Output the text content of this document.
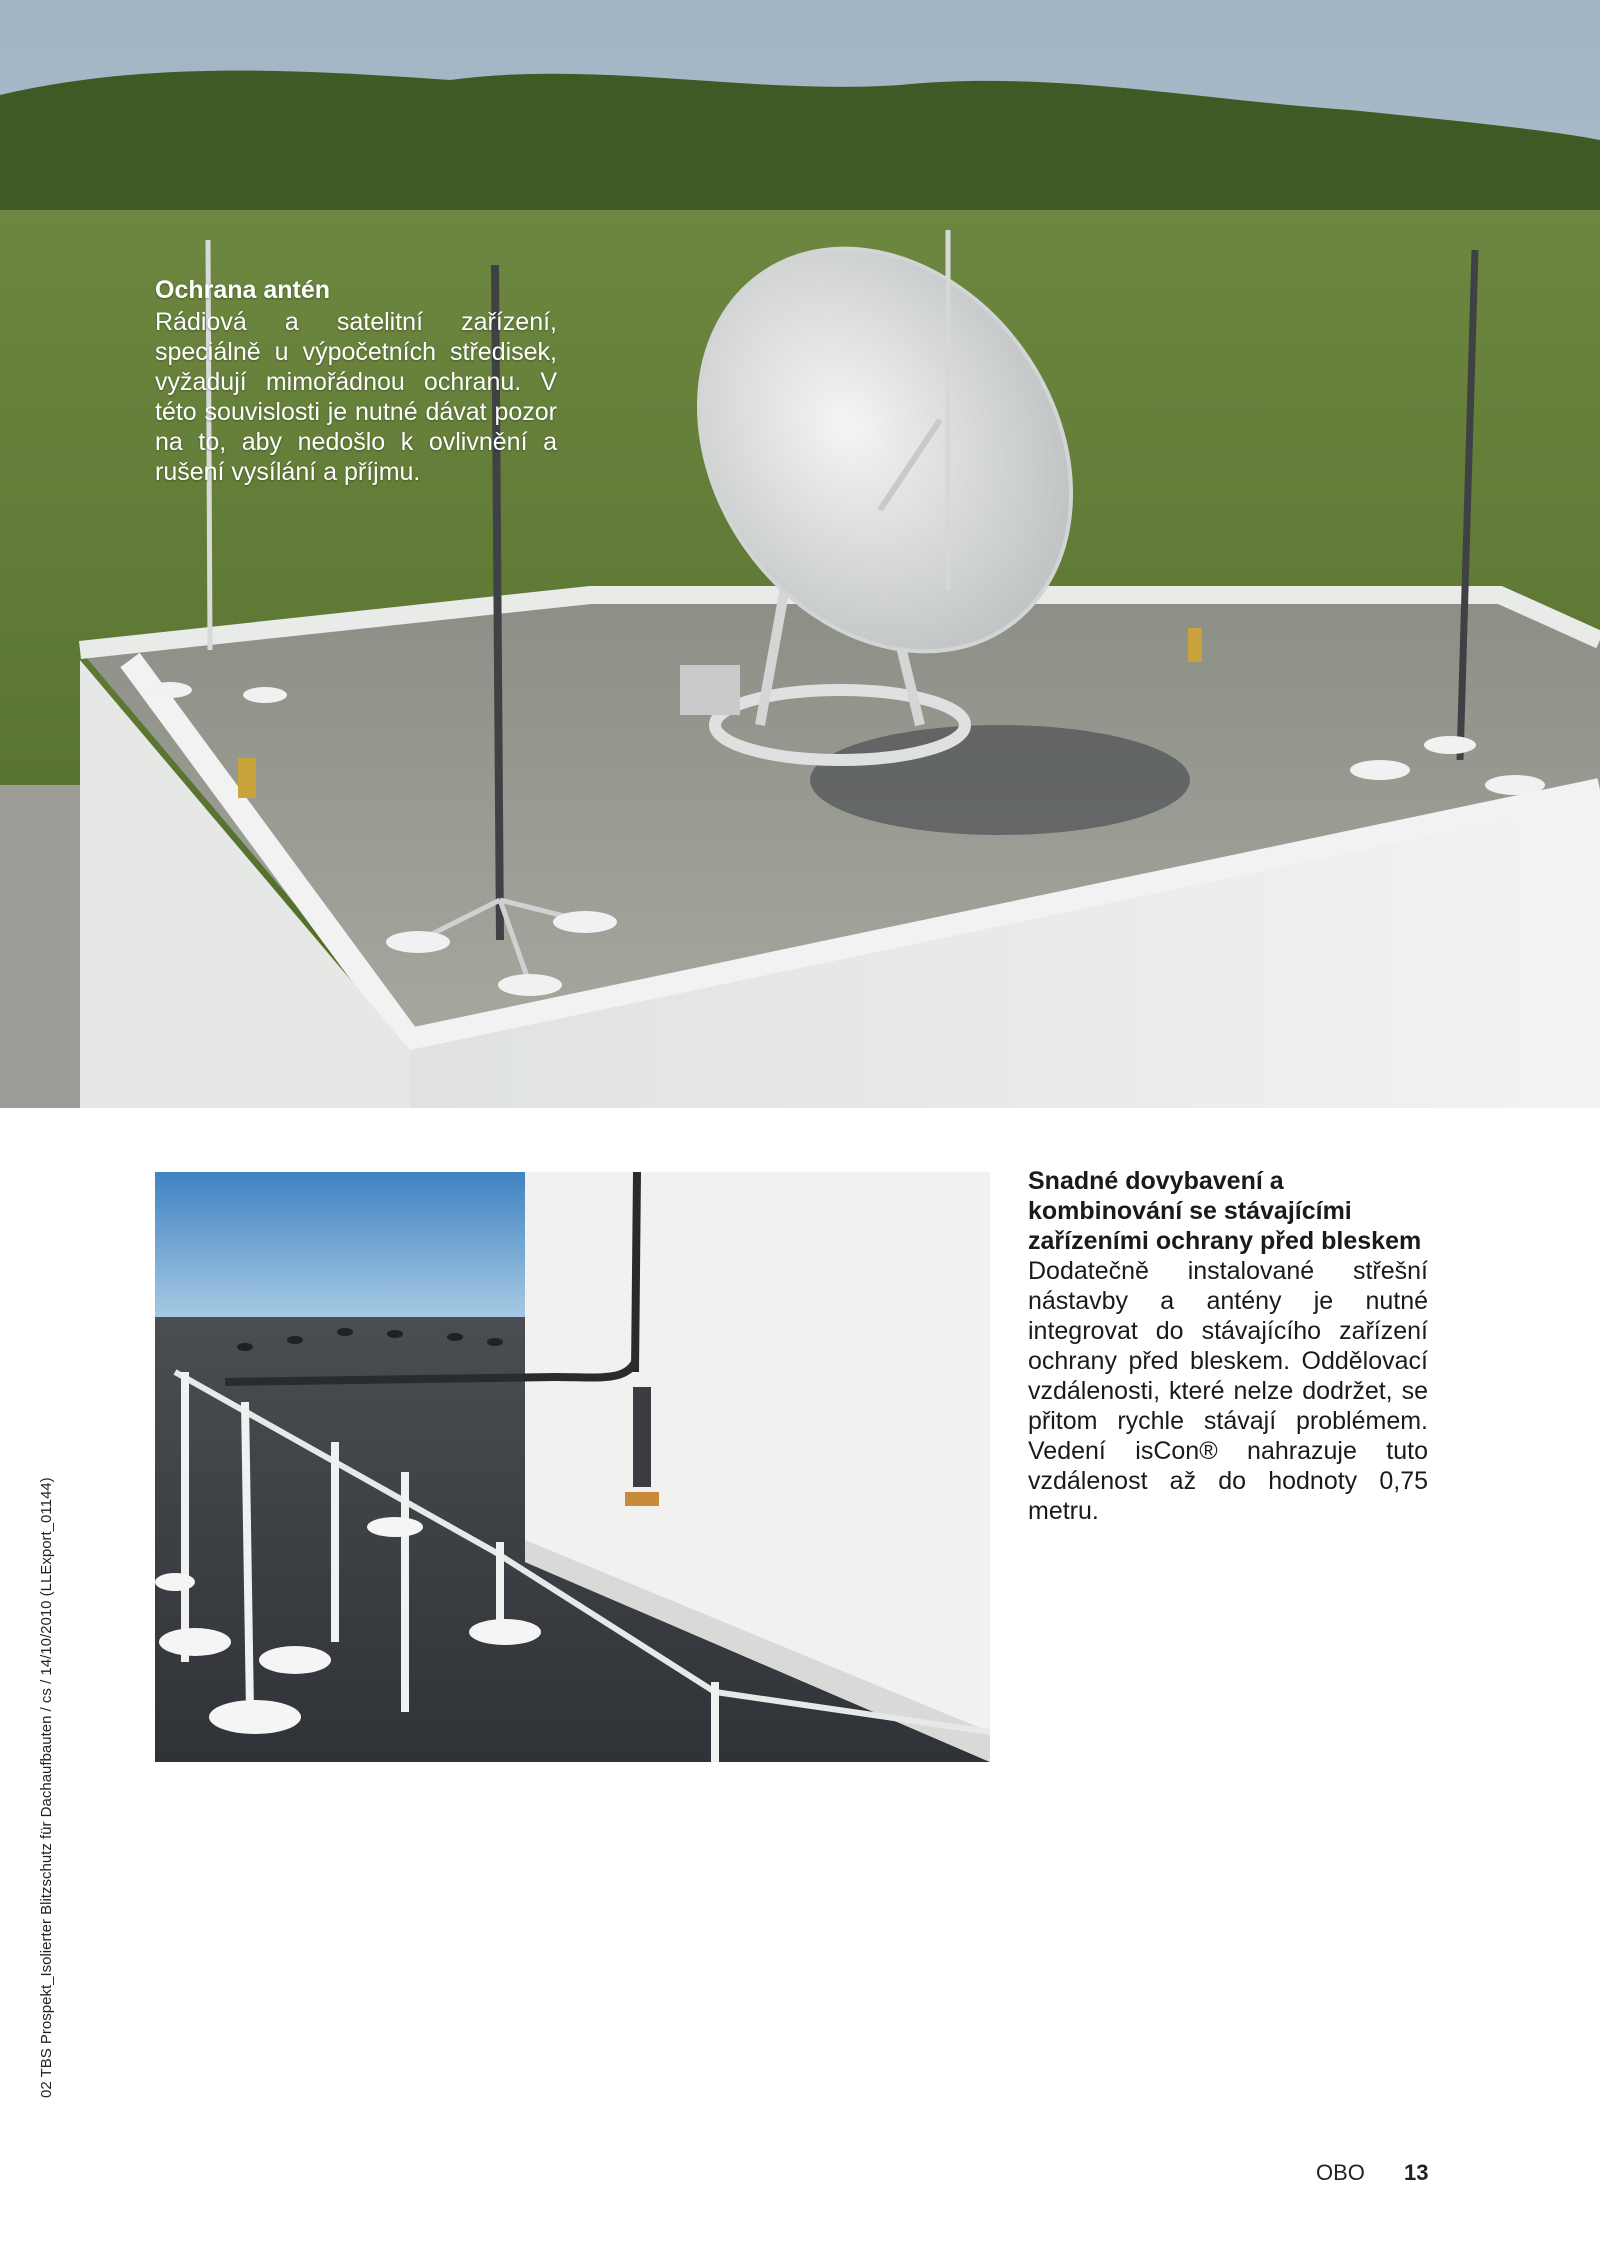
Ochrana antén

Rádiová a satelitní zařízení, speciálně u výpočetních středisek, vyžadují mimořádnou ochranu. V této souvislosti je nutné dávat pozor na to, aby nedošlo k ovlivnění a rušení vysílání a příjmu.

Snadné dovybavení a kombinování se stávajícími zařízeními ochrany před bleskem

Dodatečně instalované střešní nástavby a antény je nutné integrovat do stávajícího zařízení ochrany před bleskem. Oddělovací vzdálenosti, které nelze dodržet, se přitom rychle stávají problémem. Vedení isCon® nahrazuje tuto vzdálenost až do hodnoty 0,75 metru.

02 TBS Prospekt_Isolierter Blitzschutz für Dachaufbauten / cs / 14/10/2010 (LLExport_01144)
OBO 13
